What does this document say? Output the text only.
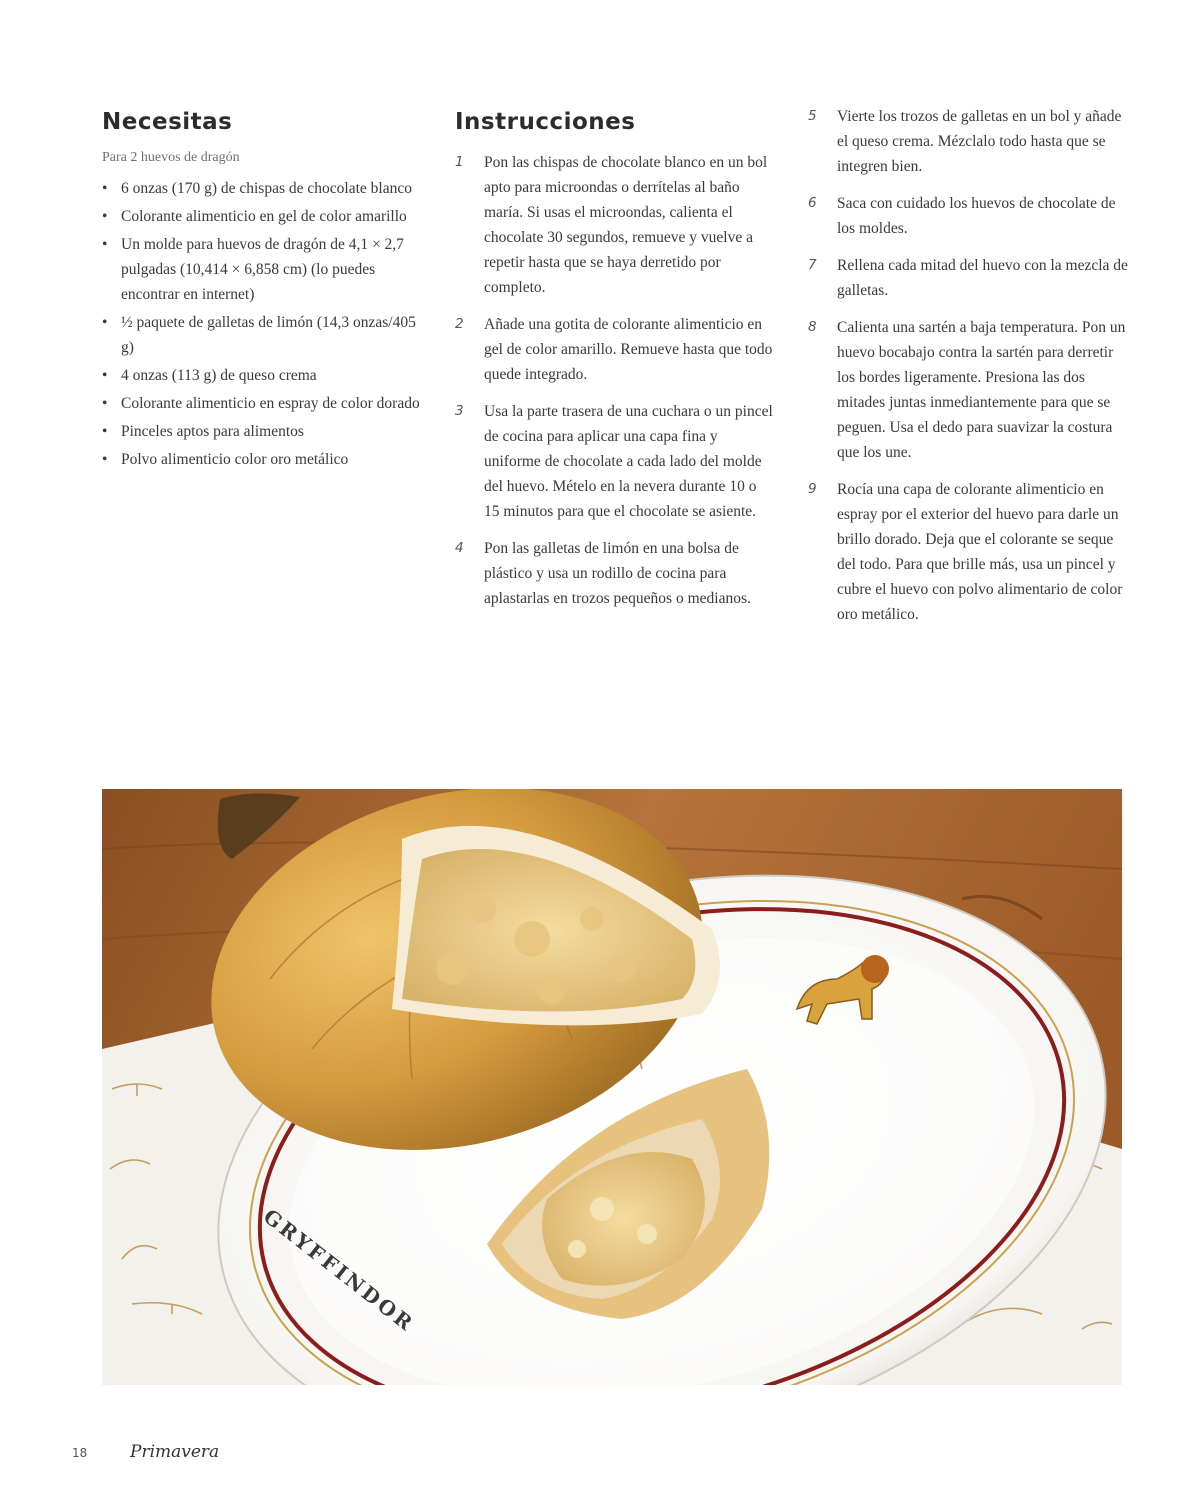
Necesitas
Para 2 huevos de dragón
• 6 onzas (170 g) de chispas de chocolate blanco
• Colorante alimenticio en gel de color amarillo
• Un molde para huevos de dragón de 4,1 × 2,7 pulgadas (10,414 × 6,858 cm) (lo puedes encontrar en internet)
• ½ paquete de galletas de limón (14,3 onzas/405 g)
• 4 onzas (113 g) de queso crema
• Colorante alimenticio en espray de color dorado
• Pinceles aptos para alimentos
• Polvo alimenticio color oro metálico
Instrucciones
1 Pon las chispas de chocolate blanco en un bol apto para microondas o derrítelas al baño maría. Si usas el microondas, calienta el chocolate 30 segundos, remueve y vuelve a repetir hasta que se haya derretido por completo.
2 Añade una gotita de colorante alimenticio en gel de color amarillo. Remueve hasta que todo quede integrado.
3 Usa la parte trasera de una cuchara o un pincel de cocina para aplicar una capa fina y uniforme de chocolate a cada lado del molde del huevo. Mételo en la nevera durante 10 o 15 minutos para que el chocolate se asiente.
4 Pon las galletas de limón en una bolsa de plástico y usa un rodillo de cocina para aplastarlas en trozos pequeños o medianos.
5 Vierte los trozos de galletas en un bol y añade el queso crema. Mézclalo todo hasta que se integren bien.
6 Saca con cuidado los huevos de chocolate de los moldes.
7 Rellena cada mitad del huevo con la mezcla de galletas.
8 Calienta una sartén a baja temperatura. Pon un huevo bocabajo contra la sartén para derretir los bordes ligeramente. Presiona las dos mitades juntas inmediantemente para que se peguen. Usa el dedo para suavizar la costura que los une.
9 Rocía una capa de colorante alimenticio en espray por el exterior del huevo para darle un brillo dorado. Deja que el colorante se seque del todo. Para que brille más, usa un pincel y cubre el huevo con polvo alimentario de color oro metálico.
GRYFFINDOR
18	Primavera
